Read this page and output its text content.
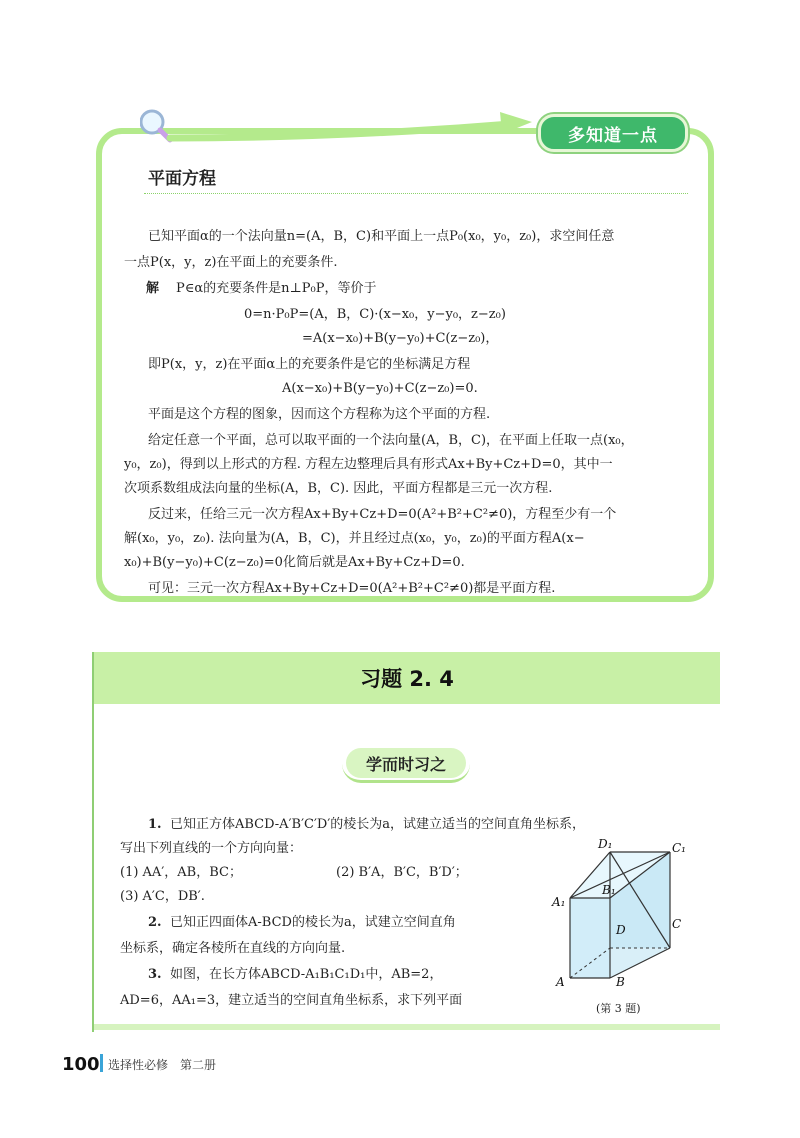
多知道一点
平面方程
已知平面α的一个法向量n=(A，B，C)和平面上一点P₀(x₀，y₀，z₀)，求空间任意
一点P(x，y，z)在平面上的充要条件.
解 P∈α的充要条件是n⊥P₀P，等价于
0=n·P₀P=(A，B，C)·(x−x₀，y−y₀，z−z₀)
=A(x−x₀)+B(y−y₀)+C(z−z₀)，
即P(x，y，z)在平面α上的充要条件是它的坐标满足方程
A(x−x₀)+B(y−y₀)+C(z−z₀)=0.
平面是这个方程的图象，因而这个方程称为这个平面的方程.
给定任意一个平面，总可以取平面的一个法向量(A，B，C)，在平面上任取一点(x₀，
y₀，z₀)，得到以上形式的方程. 方程左边整理后具有形式Ax+By+Cz+D=0，其中一
次项系数组成法向量的坐标(A，B，C). 因此，平面方程都是三元一次方程.
反过来，任给三元一次方程Ax+By+Cz+D=0(A²+B²+C²≠0)，方程至少有一个
解(x₀，y₀，z₀). 法向量为(A，B，C)，并且经过点(x₀，y₀，z₀)的平面方程A(x−
x₀)+B(y−y₀)+C(z−z₀)=0化简后就是Ax+By+Cz+D=0.
可见：三元一次方程Ax+By+Cz+D=0(A²+B²+C²≠0)都是平面方程.
习题 2. 4
学而时习之
1. 已知正方体ABCD-A′B′C′D′的棱长为a，试建立适当的空间直角坐标系，
写出下列直线的一个方向向量：
(1) AA′，AB，BC；	(2) B′A，B′C，B′D′；
(3) A′C，DB′.
2. 已知正四面体A-BCD的棱长为a，试建立空间直角
坐标系，确定各棱所在直线的方向向量.
3. 如图，在长方体ABCD-A₁B₁C₁D₁中，AB=2，
AD=6，AA₁=3，建立适当的空间直角坐标系，求下列平面
D₁	C₁
B₁
A₁
D	C
B
A
(第 3 题)
100 选择性必修　第二册
